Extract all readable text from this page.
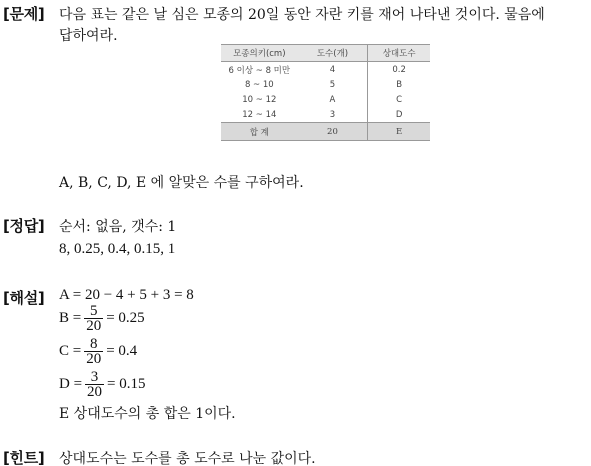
[문제] 다음 표는 같은 날 심은 모종의 20일 동안 자란 키를 재어 나타낸 것이다. 물음에
답하여라.
모종의키(cm)	도수(개)	상대도수
6 이상 ~ 8 미만	4	0.2
8 ~ 10	5	B
10 ~ 12	A	C
12 ~ 14	3	D
합 계	20	E
A, B, C, D, E 에 알맞은 수를 구하여라.
[정답] 순서: 없음, 갯수: 1
8, 0.25, 0.4, 0.15, 1
[해설] A = 20 − 4 + 5 + 3 = 8
$B = \frac{5}{20} = 0.25$
$C = \frac{8}{20} = 0.4$
$D = \frac{3}{20} = 0.15$
E 상대도수의 총 합은 1이다.
[힌트] 상대도수는 도수를 총 도수로 나눈 값이다.
